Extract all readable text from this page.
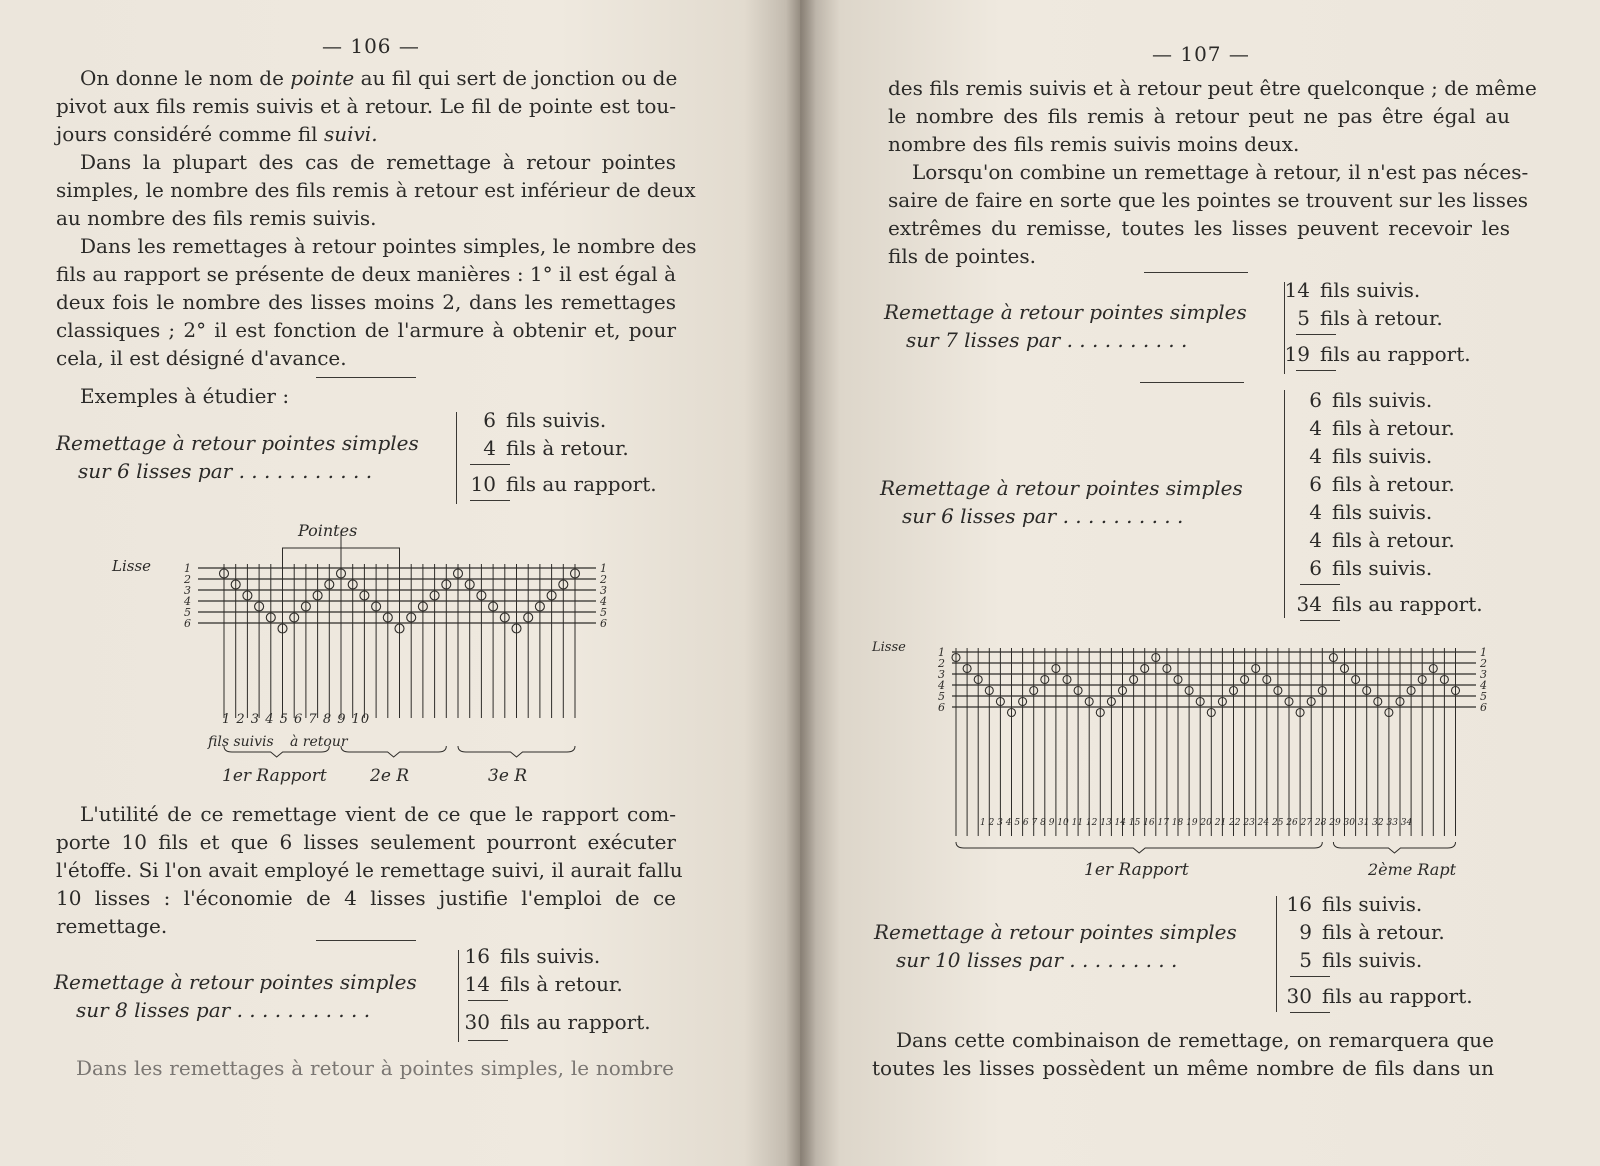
— 106 —
On donne le nom de pointe au fil qui sert de jonction ou de
pivot aux fils remis suivis et à retour. Le fil de pointe est tou-
jours considéré comme fil suivi.
Dans la plupart des cas de remettage à retour pointes
simples, le nombre des fils remis à retour est inférieur de deux
au nombre des fils remis suivis.
Dans les remettages à retour pointes simples, le nombre des
fils au rapport se présente de deux manières : 1° il est égal à
deux fois le nombre des lisses moins 2, dans les remettages
classiques ; 2° il est fonction de l'armure à obtenir et, pour
cela, il est désigné d'avance.
Exemples à étudier :
Remettage à retour pointes simples
sur 6 lisses par . . . . . . . . . . .
6 fils suivis.
4 fils à retour.
10 fils au rapport.
1	1
2	2
3	3
4	4
5	5
6	6
Pointes
Lisse
1 2 3 4 5 6 7 8 9 10
fils suivis à retour
1er Rapport	2e R	3e R
L'utilité de ce remettage vient de ce que le rapport com-
porte 10 fils et que 6 lisses seulement pourront exécuter
l'étoffe. Si l'on avait employé le remettage suivi, il aurait fallu
10 lisses : l'économie de 4 lisses justifie l'emploi de ce
remettage.
Remettage à retour pointes simples
sur 8 lisses par . . . . . . . . . . .
16 fils suivis.
14 fils à retour.
30 fils au rapport.
Dans les remettages à retour à pointes simples, le nombre
— 107 —
des fils remis suivis et à retour peut être quelconque ; de même
le nombre des fils remis à retour peut ne pas être égal au
nombre des fils remis suivis moins deux.
Lorsqu'on combine un remettage à retour, il n'est pas néces-
saire de faire en sorte que les pointes se trouvent sur les lisses
extrêmes du remisse, toutes les lisses peuvent recevoir les
fils de pointes.
Remettage à retour pointes simples
sur 7 lisses par . . . . . . . . . .
14 fils suivis.
5 fils à retour.
19 fils au rapport.
Remettage à retour pointes simples
sur 6 lisses par . . . . . . . . . .
6 fils suivis.
4 fils à retour.
4 fils suivis.
6 fils à retour.
4 fils suivis.
4 fils à retour.
6 fils suivis.
34 fils au rapport.
1	1
2	2
3	3
4	4
5	5
6	6
Lisse
1 2 3 4 5 6 7 8 9 10 11 12 13 14 15 16 17 18 19 20 21 22 23 24 25 26 27 28 29 30 31 32 33 34
1er Rapport	2ème Rapt
Remettage à retour pointes simples
sur 10 lisses par . . . . . . . . .
16 fils suivis.
9 fils à retour.
5 fils suivis.
30 fils au rapport.
Dans cette combinaison de remettage, on remarquera que
toutes les lisses possèdent un même nombre de fils dans un
